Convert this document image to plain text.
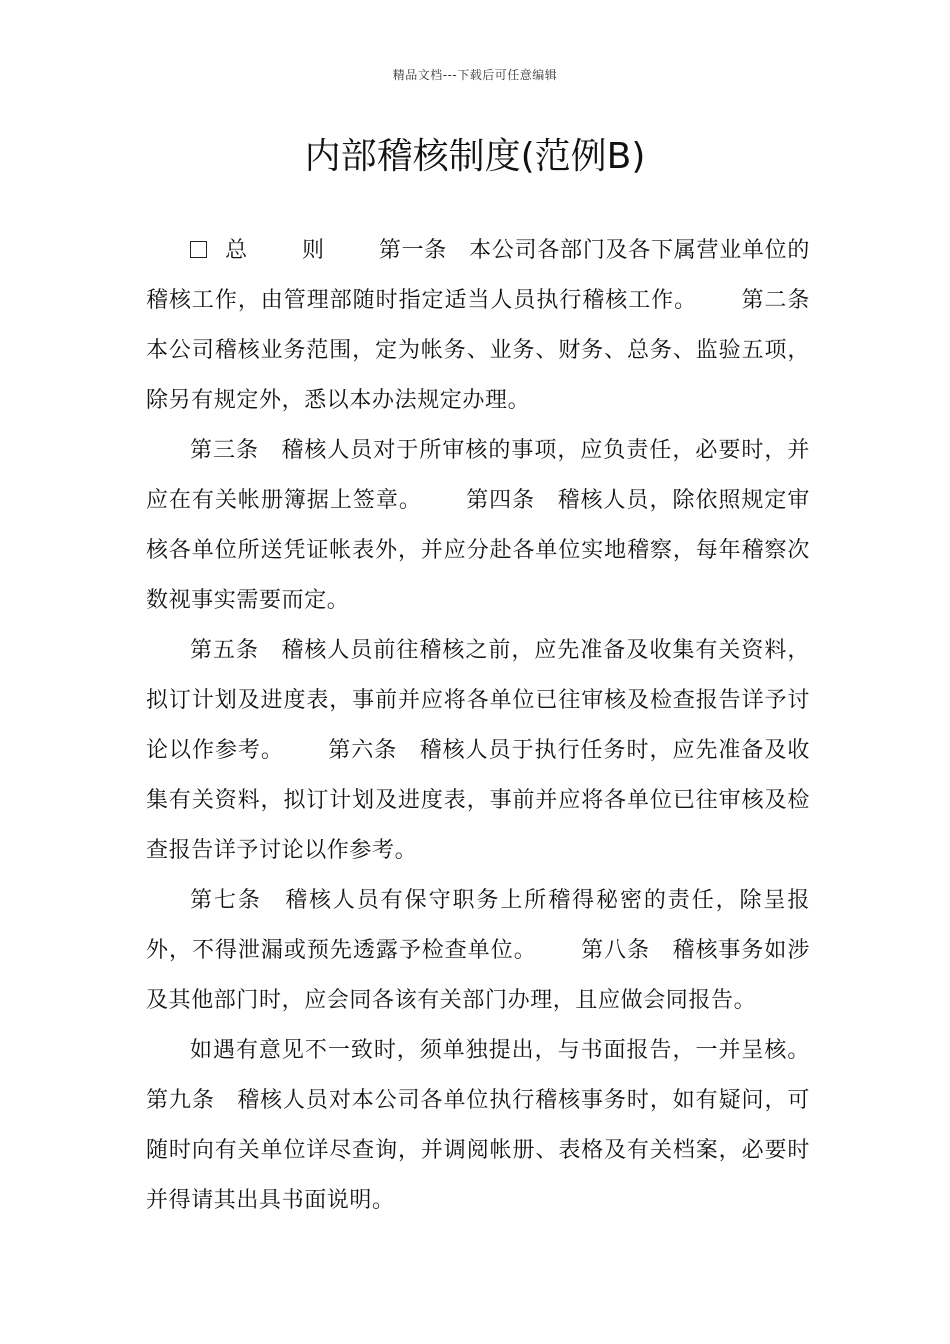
精品文档---下载后可任意编辑
内部稽核制度(范例B)

总 则 第一条 本公司各部门及各下属营业单位的稽核工作，由管理部随时指定适当人员执行稽核工作。 第二条本公司稽核业务范围，定为帐务、业务、财务、总务、监验五项，除另有规定外，悉以本办法规定办理。

第三条 稽核人员对于所审核的事项，应负责任，必要时，并应在有关帐册簿据上签章。 第四条 稽核人员，除依照规定审核各单位所送凭证帐表外，并应分赴各单位实地稽察，每年稽察次数视事实需要而定。

第五条 稽核人员前往稽核之前，应先准备及收集有关资料，拟订计划及进度表，事前并应将各单位已往审核及检查报告详予讨论以作参考。 第六条 稽核人员于执行任务时，应先准备及收集有关资料，拟订计划及进度表，事前并应将各单位已往审核及检查报告详予讨论以作参考。

第七条 稽核人员有保守职务上所稽得秘密的责任，除呈报外，不得泄漏或预先透露予检查单位。 第八条 稽核事务如涉及其他部门时，应会同各该有关部门办理，且应做会同报告。

如遇有意见不一致时，须单独提出，与书面报告，一并呈核。 第九条 稽核人员对本公司各单位执行稽核事务时，如有疑问，可随时向有关单位详尽查询，并调阅帐册、表格及有关档案，必要时并得请其出具书面说明。
